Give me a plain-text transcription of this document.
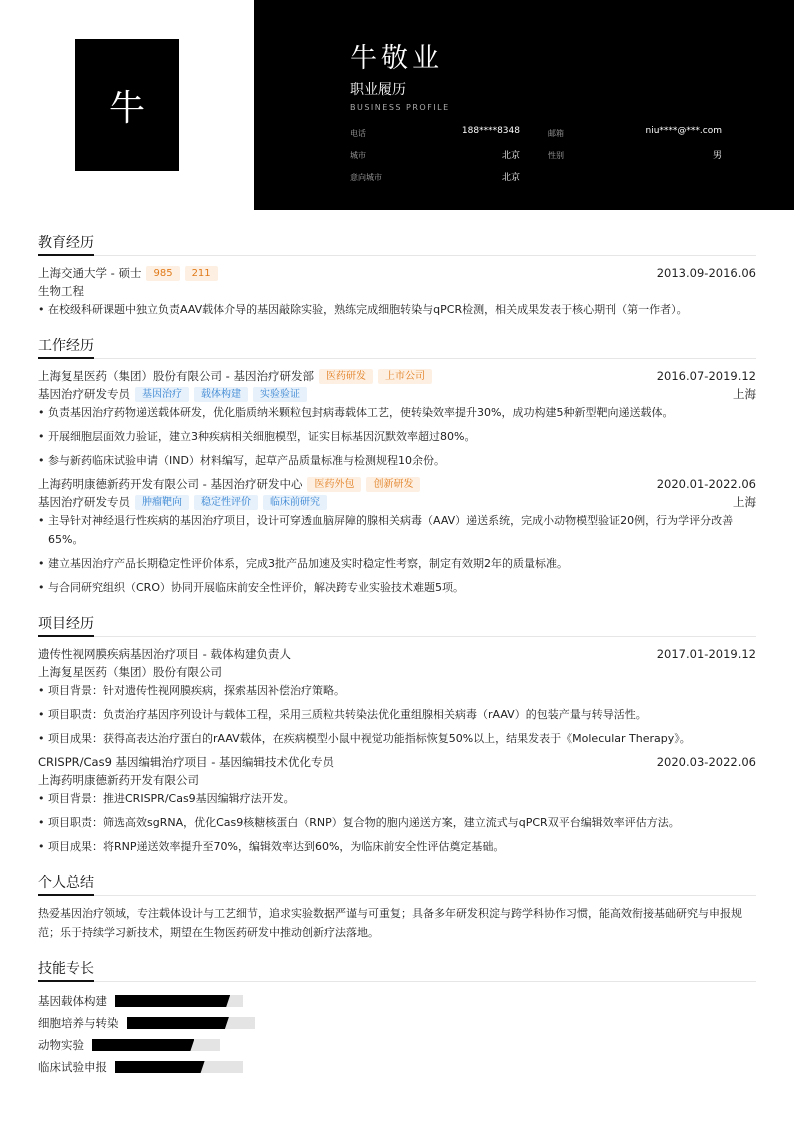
牛
牛敬业
职业履历
BUSINESS PROFILE
电话	188****8348	邮箱	niu****@***.com
城市	北京	性别	男
意向城市	北京
教育经历
上海交通大学 - 硕士	985	211	2013.09-2016.06
生物工程
• 在校级科研课题中独立负责AAV载体介导的基因敲除实验，熟练完成细胞转染与qPCR检测，相关成果发表于核心期刊（第一作者）。
工作经历
上海复星医药（集团）股份有限公司 - 基因治疗研发部	医药研发	上市公司	2016.07-2019.12
基因治疗研发专员	基因治疗	载体构建	实验验证	上海
• 负责基因治疗药物递送载体研发，优化脂质纳米颗粒包封病毒载体工艺，使转染效率提升30%，成功构建5种新型靶向递送载体。
• 开展细胞层面效力验证，建立3种疾病相关细胞模型，证实目标基因沉默效率超过80%。
• 参与新药临床试验申请（IND）材料编写，起草产品质量标准与检测规程10余份。
上海药明康德新药开发有限公司 - 基因治疗研发中心	医药外包	创新研发	2020.01-2022.06
基因治疗研发专员	肿瘤靶向	稳定性评价	临床前研究	上海
• 主导针对神经退行性疾病的基因治疗项目，设计可穿透血脑屏障的腺相关病毒（AAV）递送系统，完成小动物模型验证20例，行为学评分改善65%。
• 建立基因治疗产品长期稳定性评价体系，完成3批产品加速及实时稳定性考察，制定有效期2年的质量标准。
• 与合同研究组织（CRO）协同开展临床前安全性评价，解决跨专业实验技术难题5项。
项目经历
遗传性视网膜疾病基因治疗项目 - 载体构建负责人	2017.01-2019.12
上海复星医药（集团）股份有限公司
• 项目背景：针对遗传性视网膜疾病，探索基因补偿治疗策略。
• 项目职责：负责治疗基因序列设计与载体工程，采用三质粒共转染法优化重组腺相关病毒（rAAV）的包装产量与转导活性。
• 项目成果：获得高表达治疗蛋白的rAAV载体，在疾病模型小鼠中视觉功能指标恢复50%以上，结果发表于《Molecular Therapy》。
CRISPR/Cas9 基因编辑治疗项目 - 基因编辑技术优化专员	2020.03-2022.06
上海药明康德新药开发有限公司
• 项目背景：推进CRISPR/Cas9基因编辑疗法开发。
• 项目职责：筛选高效sgRNA，优化Cas9核糖核蛋白（RNP）复合物的胞内递送方案，建立流式与qPCR双平台编辑效率评估方法。
• 项目成果：将RNP递送效率提升至70%，编辑效率达到60%，为临床前安全性评估奠定基础。
个人总结
热爱基因治疗领域，专注载体设计与工艺细节，追求实验数据严谨与可重复；具备多年研发积淀与跨学科协作习惯，能高效衔接基础研究与申报规范；乐于持续学习新技术，期望在生物医药研发中推动创新疗法落地。
技能专长
基因载体构建
细胞培养与转染
动物实验
临床试验申报
